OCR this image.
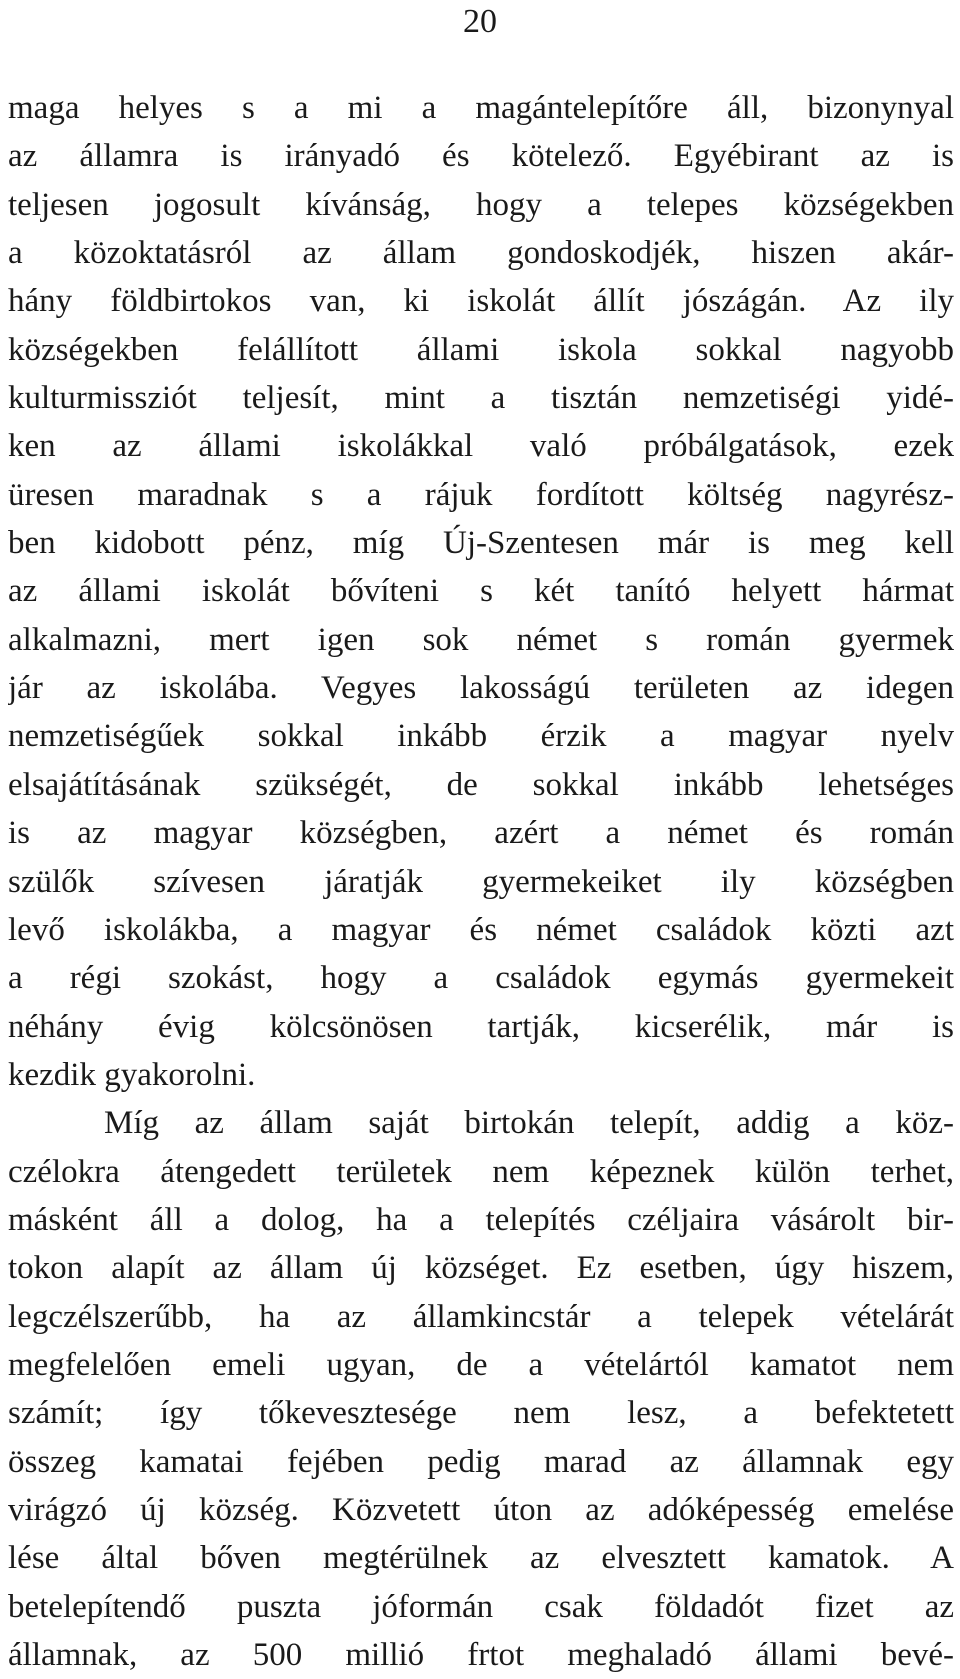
20
maga helyes s a mi a magántelepítőre áll, bizonynyal
az államra is irányadó és kötelező. Egyébirant az is
teljesen jogosult kívánság, hogy a telepes községekben
a közoktatásról az állam gondoskodjék, hiszen akár-
hány földbirtokos van, ki iskolát állít jószágán. Az ily
községekben felállított állami iskola sokkal nagyobb
kulturmissziót teljesít, mint a tisztán nemzetiségi yidé-
ken az állami iskolákkal való próbálgatások, ezek
üresen maradnak s a rájuk fordított költség nagyrész-
ben kidobott pénz, míg Új-Szentesen már is meg kell
az állami iskolát bővíteni s két tanító helyett hármat
alkalmazni, mert igen sok német s román gyermek
jár az iskolába. Vegyes lakosságú területen az idegen
nemzetiségűek sokkal inkább érzik a magyar nyelv
elsajátításának szükségét, de sokkal inkább lehetséges
is az magyar községben, azért a német és román
szülők szívesen járatják gyermekeiket ily községben
levő iskolákba, a magyar és német családok közti azt
a régi szokást, hogy a családok egymás gyermekeit
néhány évig kölcsönösen tartják, kicserélik, már is
kezdik gyakorolni.
Míg az állam saját birtokán telepít, addig a köz-
czélokra átengedett területek nem képeznek külön terhet,
másként áll a dolog, ha a telepítés czéljaira vásárolt bir-
tokon alapít az állam új községet. Ez esetben, úgy hiszem,
legczélszerűbb, ha az államkincstár a telepek vételárát
megfelelően emeli ugyan, de a vételártól kamatot nem
számít; így tőkevesztesége nem lesz, a befektetett
összeg kamatai fejében pedig marad az államnak egy
virágzó új község. Közvetett úton az adóképesség emelése
lése által bőven megtérülnek az elvesztett kamatok. A
betelepítendő puszta jóformán csak földadót fizet az
államnak, az 500 millió frtot meghaladó állami bevé-
